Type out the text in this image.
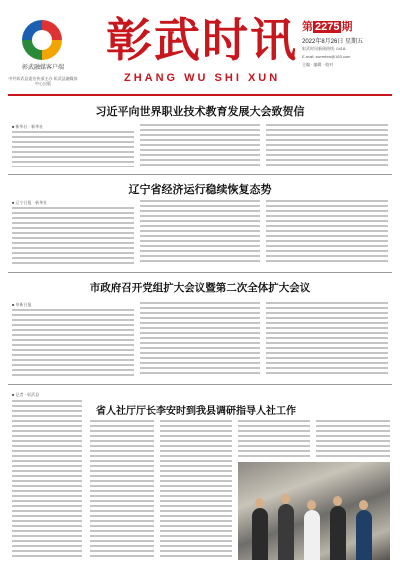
彰武融媒客户端
中共彰武县委宣传部主办 彰武县融媒体中心出版
彰武时讯
ZHANG WU SHI XUN
第 2275 期
2022年8月26日 星期五
彰武时讯新闻热线: 0418-
E-mail: zwrmtxw@163.com
主编 · 编辑 · 校对
习近平向世界职业技术教育发展大会致贺信
■ 新华社 · 新华社
辽宁省经济运行稳续恢复态势
■ 辽宁日报 · 新华社
市政府召开党组扩大会议暨第二次全体扩大会议
■ 阜新日报
■ 记者 · 彰武县
省人社厅厅长李安时到我县调研指导人社工作
